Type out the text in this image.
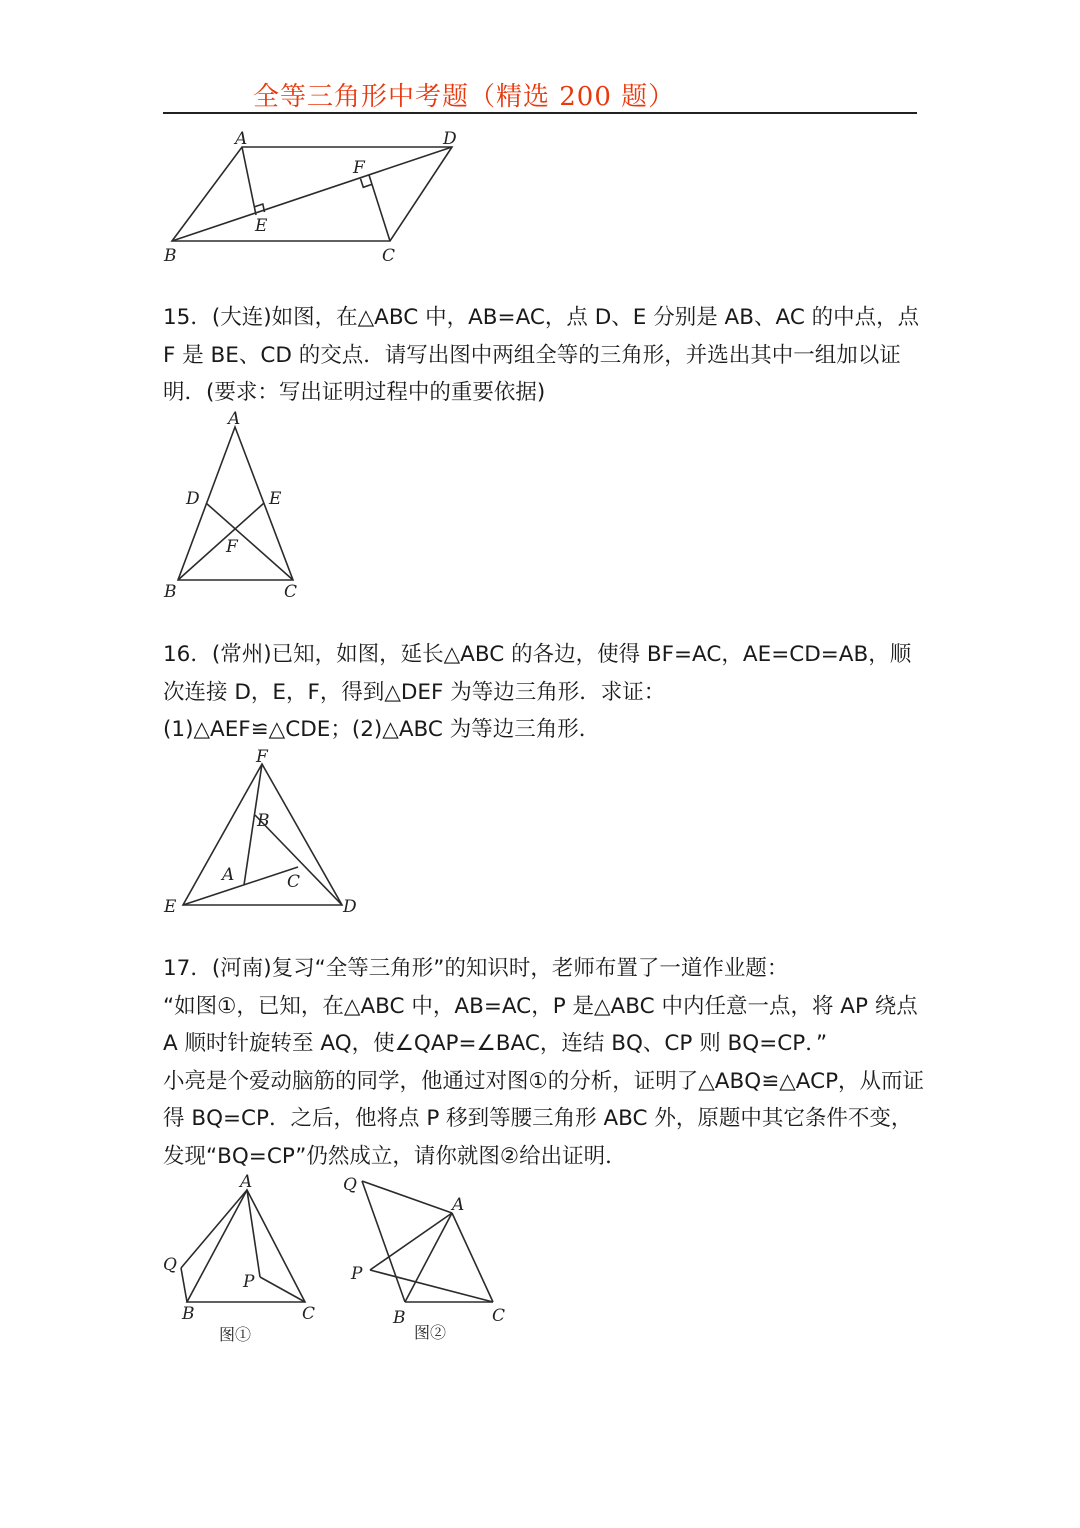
全等三角形中考题（精选 200 题）
A	D
F
E
B	C

15．(大连)如图，在△ABC 中，AB=AC，点 D、E 分别是 AB、AC 的中点，点

F 是 BE、CD 的交点．请写出图中两组全等的三角形，并选出其中一组加以证

明．(要求：写出证明过程中的重要依据)

A
D	E
F
B	C

16．(常州)已知，如图，延长△ABC 的各边，使得 BF=AC，AE=CD=AB，顺

次连接 D，E，F，得到△DEF 为等边三角形．求证：

(1)△AEF≌△CDE；(2)△ABC 为等边三角形．

F
B
A	C
E	D

17．(河南)复习“全等三角形”的知识时，老师布置了一道作业题：

“如图①，已知，在△ABC 中，AB=AC，P 是△ABC 中内任意一点，将 AP 绕点

A 顺时针旋转至 AQ，使∠QAP=∠BAC，连结 BQ、CP 则 BQ=CP．”

小亮是个爱动脑筋的同学，他通过对图①的分析，证明了△ABQ≌△ACP，从而证

得 BQ=CP．之后，他将点 P 移到等腰三角形 ABC 外，原题中其它条件不变，

发现“BQ=CP”仍然成立，请你就图②给出证明．

A
Q
P
B	C
图①
Q
A
P
B	C
图②
